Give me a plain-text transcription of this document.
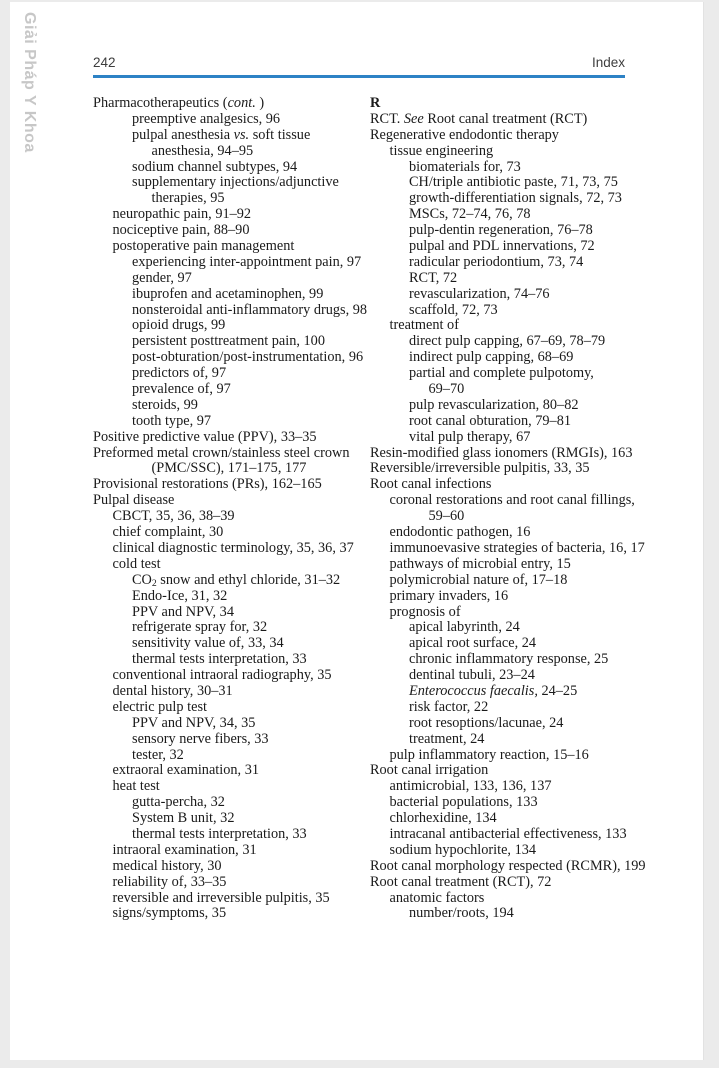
Giải Pháp Y Khoa	242	Index
Pharmacotherapeutics (cont. )
preemptive analgesics, 96
pulpal anesthesia vs. soft tissue
anesthesia, 94–95
sodium channel subtypes, 94
supplementary injections/adjunctive
therapies, 95
neuropathic pain, 91–92
nociceptive pain, 88–90
postoperative pain management
experiencing inter-appointment pain, 97
gender, 97
ibuprofen and acetaminophen, 99
nonsteroidal anti-inflammatory drugs, 98
opioid drugs, 99
persistent posttreatment pain, 100
post-obturation/post-instrumentation, 96
predictors of, 97
prevalence of, 97
steroids, 99
tooth type, 97
Positive predictive value (PPV), 33–35
Preformed metal crown/stainless steel crown
(PMC/SSC), 171–175, 177
Provisional restorations (PRs), 162–165
Pulpal disease
CBCT, 35, 36, 38–39
chief complaint, 30
clinical diagnostic terminology, 35, 36, 37
cold test
CO2 snow and ethyl chloride, 31–32
Endo-Ice, 31, 32
PPV and NPV, 34
refrigerate spray for, 32
sensitivity value of, 33, 34
thermal tests interpretation, 33
conventional intraoral radiography, 35
dental history, 30–31
electric pulp test
PPV and NPV, 34, 35
sensory nerve fibers, 33
tester, 32
extraoral examination, 31
heat test
gutta-percha, 32
System B unit, 32
thermal tests interpretation, 33
intraoral examination, 31
medical history, 30
reliability of, 33–35
reversible and irreversible pulpitis, 35
signs/symptoms, 35
R
RCT. See Root canal treatment (RCT)
Regenerative endodontic therapy
tissue engineering
biomaterials for, 73
CH/triple antibiotic paste, 71, 73, 75
growth-differentiation signals, 72, 73
MSCs, 72–74, 76, 78
pulp-dentin regeneration, 76–78
pulpal and PDL innervations, 72
radicular periodontium, 73, 74
RCT, 72
revascularization, 74–76
scaffold, 72, 73
treatment of
direct pulp capping, 67–69, 78–79
indirect pulp capping, 68–69
partial and complete pulpotomy,
69–70
pulp revascularization, 80–82
root canal obturation, 79–81
vital pulp therapy, 67
Resin-modified glass ionomers (RMGIs), 163
Reversible/irreversible pulpitis, 33, 35
Root canal infections
coronal restorations and root canal fillings,
59–60
endodontic pathogen, 16
immunoevasive strategies of bacteria, 16, 17
pathways of microbial entry, 15
polymicrobial nature of, 17–18
primary invaders, 16
prognosis of
apical labyrinth, 24
apical root surface, 24
chronic inflammatory response, 25
dentinal tubuli, 23–24
Enterococcus faecalis, 24–25
risk factor, 22
root resoptions/lacunae, 24
treatment, 24
pulp inflammatory reaction, 15–16
Root canal irrigation
antimicrobial, 133, 136, 137
bacterial populations, 133
chlorhexidine, 134
intracanal antibacterial effectiveness, 133
sodium hypochlorite, 134
Root canal morphology respected (RCMR), 199
Root canal treatment (RCT), 72
anatomic factors
number/roots, 194
